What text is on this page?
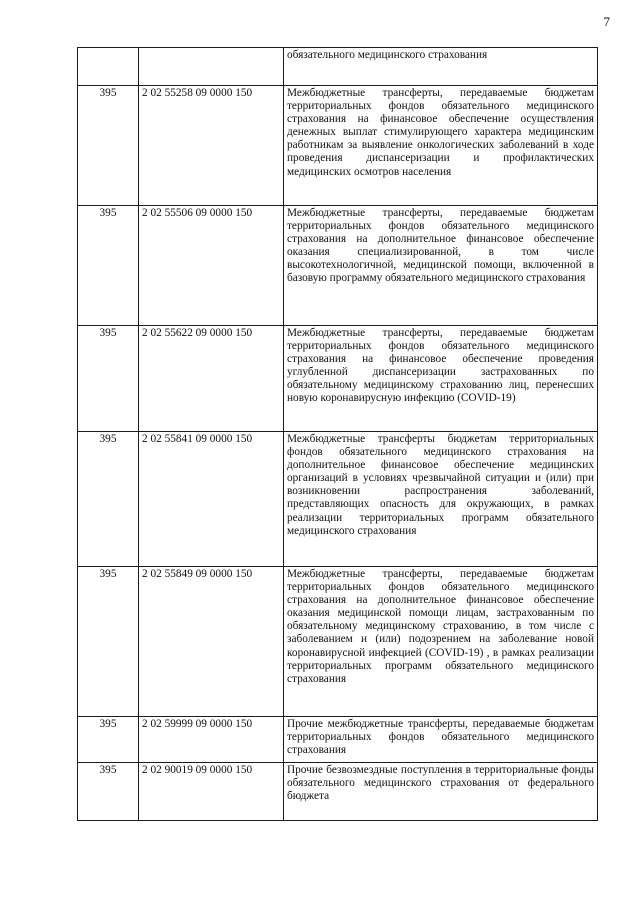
7
		обязательного медицинского страхования
395	2 02 55258 09 0000 150	Межбюджетные трансферты, передаваемые бюджетам территориальных фондов обязательного медицинского страхования на финансовое обеспечение осуществления денежных выплат стимулирующего характера медицинским работникам за выявление онкологических заболеваний в ходе проведения диспансеризации и профилактических медицинских осмотров населения
395	2 02 55506 09 0000 150	Межбюджетные трансферты, передаваемые бюджетам территориальных фондов обязательного медицинского страхования на дополнительное финансовое обеспечение оказания специализированной, в том числе высокотехнологичной, медицинской помощи, включенной в базовую программу обязательного медицинского страхования
395	2 02 55622 09 0000 150	Межбюджетные трансферты, передаваемые бюджетам территориальных фондов обязательного медицинского страхования на финансовое обеспечение проведения углубленной диспансеризации застрахованных по обязательному медицинскому страхованию лиц, перенесших новую коронавирусную инфекцию (COVID-19)
395	2 02 55841 09 0000 150	Межбюджетные трансферты бюджетам территориальных фондов обязательного медицинского страхования на дополнительное финансовое обеспечение медицинских организаций в условиях чрезвычайной ситуации и (или) при возникновении распространения заболеваний, представляющих опасность для окружающих, в рамках реализации территориальных программ обязательного медицинского страхования
395	2 02 55849 09 0000 150	Межбюджетные трансферты, передаваемые бюджетам территориальных фондов обязательного медицинского страхования на дополнительное финансовое обеспечение оказания медицинской помощи лицам, застрахованным по обязательному медицинскому страхованию, в том числе с заболеванием и (или) подозрением на заболевание новой коронавирусной инфекцией (COVID-19) , в рамках реализации территориальных программ обязательного медицинского страхования
395	2 02 59999 09 0000 150	Прочие межбюджетные трансферты, передаваемые бюджетам территориальных фондов обязательного медицинского страхования
395	2 02 90019 09 0000 150	Прочие безвозмездные поступления в территориальные фонды обязательного медицинского страхования от федерального бюджета
